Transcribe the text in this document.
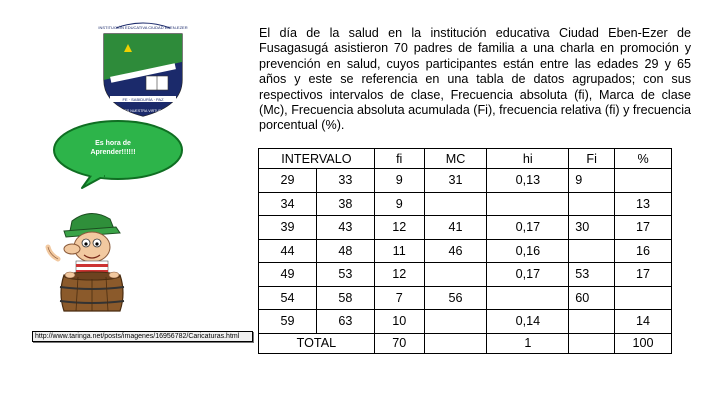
INSTITUCIÓN EDUCATIVA CIUDAD EBEN-EZER
FE · SABIDURÍA · PAZ
ES NUESTRA VIRTUD
Es hora de Aprender!!!!!!
http://www.taringa.net/posts/imagenes/16956782/Caricaturas.html
El día de la salud en la institución educativa Ciudad Eben-Ezer de Fusagasugá asistieron 70 padres de familia a una charla en promoción y prevención en salud, cuyos participantes están entre las edades 29 y 65 años y este se referencia en una tabla de datos agrupados; con sus respectivos intervalos de clase, Frecuencia absoluta (fi), Marca de clase (Mc), Frecuencia absoluta acumulada (Fi), frecuencia relativa (fi) y frecuencia porcentual (%).
INTERVALO		fi	MC	hi	Fi	%
29	33	9	31	0,13	9	
34	38	9				13
39	43	12	41	0,17	30	17
44	48	11	46	0,16		16
49	53	12		0,17	53	17
54	58	7	56		60	
59	63	10		0,14		14
TOTAL		70		1		100
